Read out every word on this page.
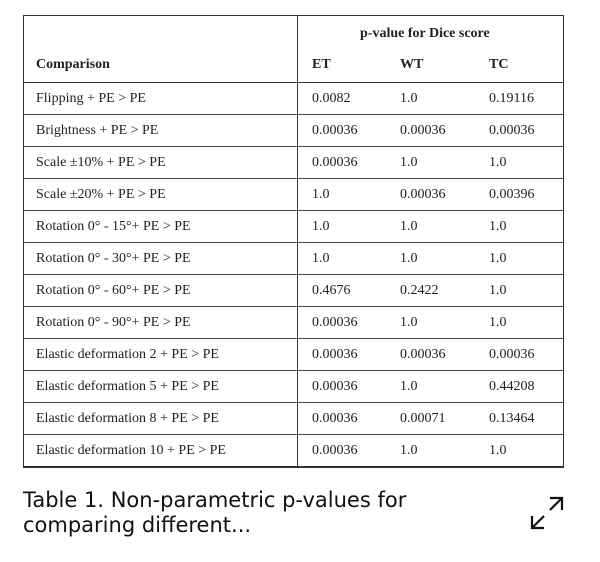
p-value for Dice score
Comparison	ET	WT	TC
Flipping + PE > PE	0.0082	1.0	0.19116
Brightness + PE > PE	0.00036	0.00036	0.00036
Scale ±10% + PE > PE	0.00036	1.0	1.0
Scale ±20% + PE > PE	1.0	0.00036	0.00396
Rotation 0° - 15°+ PE > PE	1.0	1.0	1.0
Rotation 0° - 30°+ PE > PE	1.0	1.0	1.0
Rotation 0° - 60°+ PE > PE	0.4676	0.2422	1.0
Rotation 0° - 90°+ PE > PE	0.00036	1.0	1.0
Elastic deformation 2 + PE > PE	0.00036	0.00036	0.00036
Elastic deformation 5 + PE > PE	0.00036	1.0	0.44208
Elastic deformation 8 + PE > PE	0.00036	0.00071	0.13464
Elastic deformation 10 + PE > PE	0.00036	1.0	1.0
Table 1. Non-parametric p-values for comparing different...
